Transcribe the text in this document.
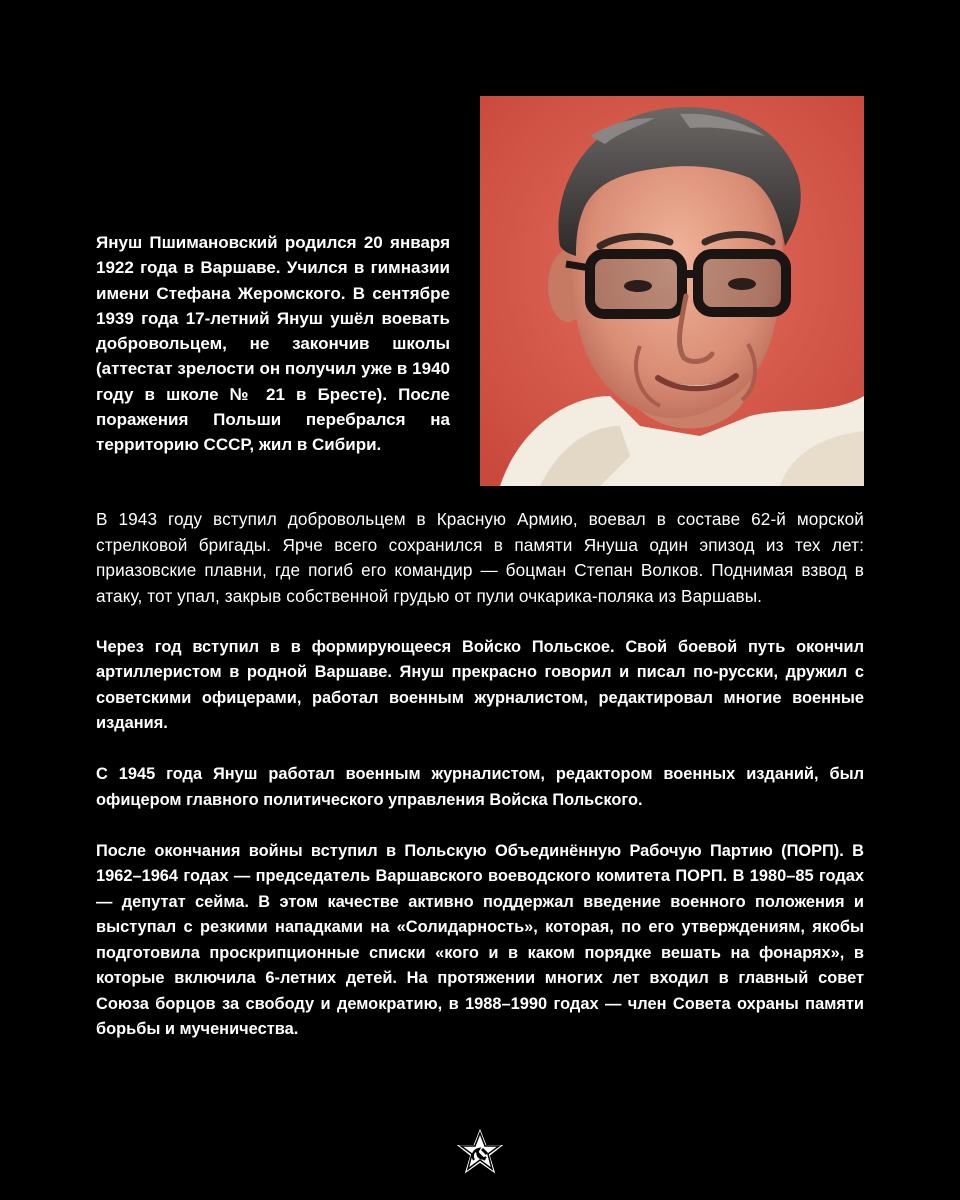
Януш Пшимановский родился 20 января 1922 года в Варшаве. Учился в гимназии имени Стефана Жеромского. В сентябре 1939 года 17-летний Януш ушёл воевать добровольцем, не закончив школы (аттестат зрелости он получил уже в 1940 году в школе № 21 в Бресте). После поражения Польши перебрался на территорию СССР, жил в Сибири.

В 1943 году вступил добровольцем в Красную Армию, воевал в составе 62-й морской стрелковой бригады. Ярче всего сохранился в памяти Януша один эпизод из тех лет: приазовские плавни, где погиб его командир — боцман Степан Волков. Поднимая взвод в атаку, тот упал, закрыв собственной грудью от пули очкарика-поляка из Варшавы.

Через год вступил в в формирующееся Войско Польское. Свой боевой путь окончил артиллеристом в родной Варшаве. Януш прекрасно говорил и писал по-русски, дружил с советскими офицерами, работал военным журналистом, редактировал многие военные издания.

С 1945 года Януш работал военным журналистом, редактором военных изданий, был офицером главного политического управления Войска Польского.

После окончания войны вступил в Польскую Объединённую Рабочую Партию (ПОРП). В 1962–1964 годах — председатель Варшавского воеводского комитета ПОРП. В 1980–85 годах — депутат сейма. В этом качестве активно поддержал введение военного положения и выступал с резкими нападками на «Солидарность», которая, по его утверждениям, якобы подготовила проскрипционные списки «кого и в каком порядке вешать на фонарях», в которые включила 6-летних детей. На протяжении многих лет входил в главный совет Союза борцов за свободу и демократию, в 1988–1990 годах — член Совета охраны памяти борьбы и мученичества.
